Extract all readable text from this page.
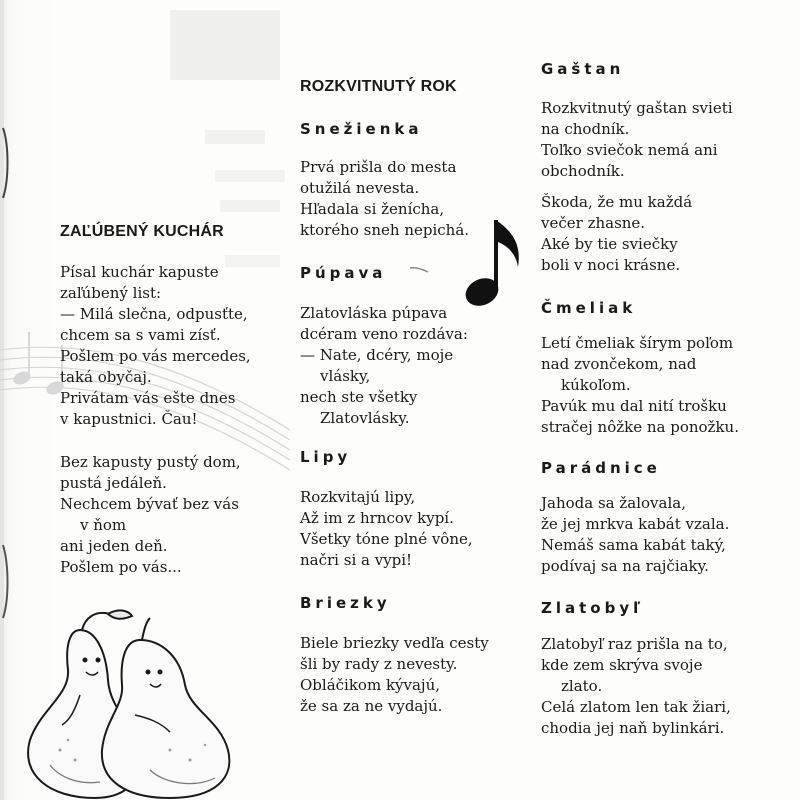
ZAĽÚBENÝ KUCHÁR
Písal kuchár kapuste
zaľúbený list:
— Milá slečna, odpusťte,
chcem sa s vami zísť.
Pošlem po vás mercedes,
taká obyčaj.
Privátam vás ešte dnes
v kapustnici. Čau!
Bez kapusty pustý dom,
pustá jedáleň.
Nechcem bývať bez vás
v ňom
ani jeden deň.
Pošlem po vás...
ROZKVITNUTÝ ROK
Snežienka
Prvá prišla do mesta
otužilá nevesta.
Hľadala si ženícha,
ktorého sneh nepichá.
Púpava
Zlatovláska púpava
dcéram veno rozdáva:
— Nate, dcéry, moje
vlásky,
nech ste všetky
Zlatovlásky.
Lipy
Rozkvitajú lipy,
Až im z hrncov kypí.
Všetky tóne plné vône,
načri si a vypi!
Briezky
Biele briezky vedľa cesty
šli by rady z nevesty.
Obláčikom kývajú,
že sa za ne vydajú.
Gaštan
Rozkvitnutý gaštan svieti
na chodník.
Toľko sviečok nemá ani
obchodník.
Škoda, že mu každá
večer zhasne.
Aké by tie sviečky
boli v noci krásne.
Čmeliak
Letí čmeliak šírym poľom
nad zvončekom, nad
kúkoľom.
Pavúk mu dal nití trošku
stračej nôžke na ponožku.
Parádnice
Jahoda sa žalovala,
že jej mrkva kabát vzala.
Nemáš sama kabát taký,
podívaj sa na rajčiaky.
Zlatobyľ
Zlatobyľ raz prišla na to,
kde zem skrýva svoje
zlato.
Celá zlatom len tak žiari,
chodia jej naň bylinkári.
